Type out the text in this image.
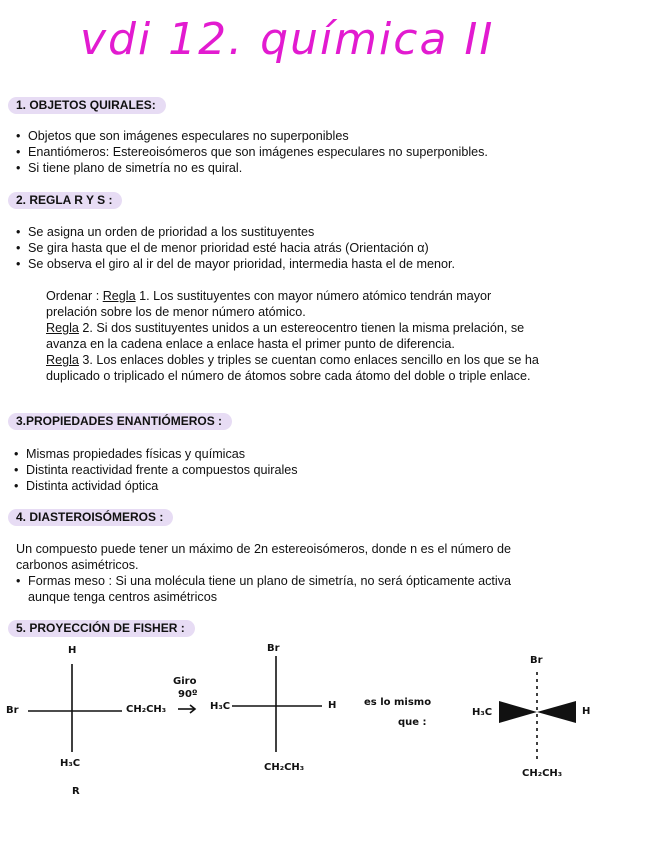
vdi 12. química II
1. OBJETOS QUIRALES:
• Objetos que son imágenes especulares no superponibles
• Enantiómeros: Estereoisómeros que son imágenes especulares no superponibles.
• Si tiene plano de simetría no es quiral.
2. REGLA R Y S :
• Se asigna un orden de prioridad a los sustituyentes
• Se gira hasta que el de menor prioridad esté hacia atrás (Orientación α)
• Se observa el giro al ir del de mayor prioridad, intermedia hasta el de menor.
Ordenar : Regla 1. Los sustituyentes con mayor número atómico tendrán mayor
prelación sobre los de menor número atómico.
Regla 2. Si dos sustituyentes unidos a un estereocentro tienen la misma prelación, se
avanza en la cadena enlace a enlace hasta el primer punto de diferencia.
Regla 3. Los enlaces dobles y triples se cuentan como enlaces sencillo en los que se ha
duplicado o triplicado el número de átomos sobre cada átomo del doble o triple enlace.
3.PROPIEDADES ENANTIÓMEROS :
• Mismas propiedades físicas y químicas
• Distinta reactividad frente a compuestos quirales
• Distinta actividad óptica
4. DIASTEROISÓMEROS :
Un compuesto puede tener un máximo de 2n estereoisómeros, donde n es el número de
carbonos asimétricos.
• Formas meso : Si una molécula tiene un plano de simetría, no será ópticamente activa
aunque tenga centros asimétricos
5. PROYECCIÓN DE FISHER :
H
Br	CH₂CH₃
H₃C
R
Giro
90º
Br
H₃C	H
CH₂CH₃
es lo mismo
que :
Br
H₃C	H
CH₂CH₃
